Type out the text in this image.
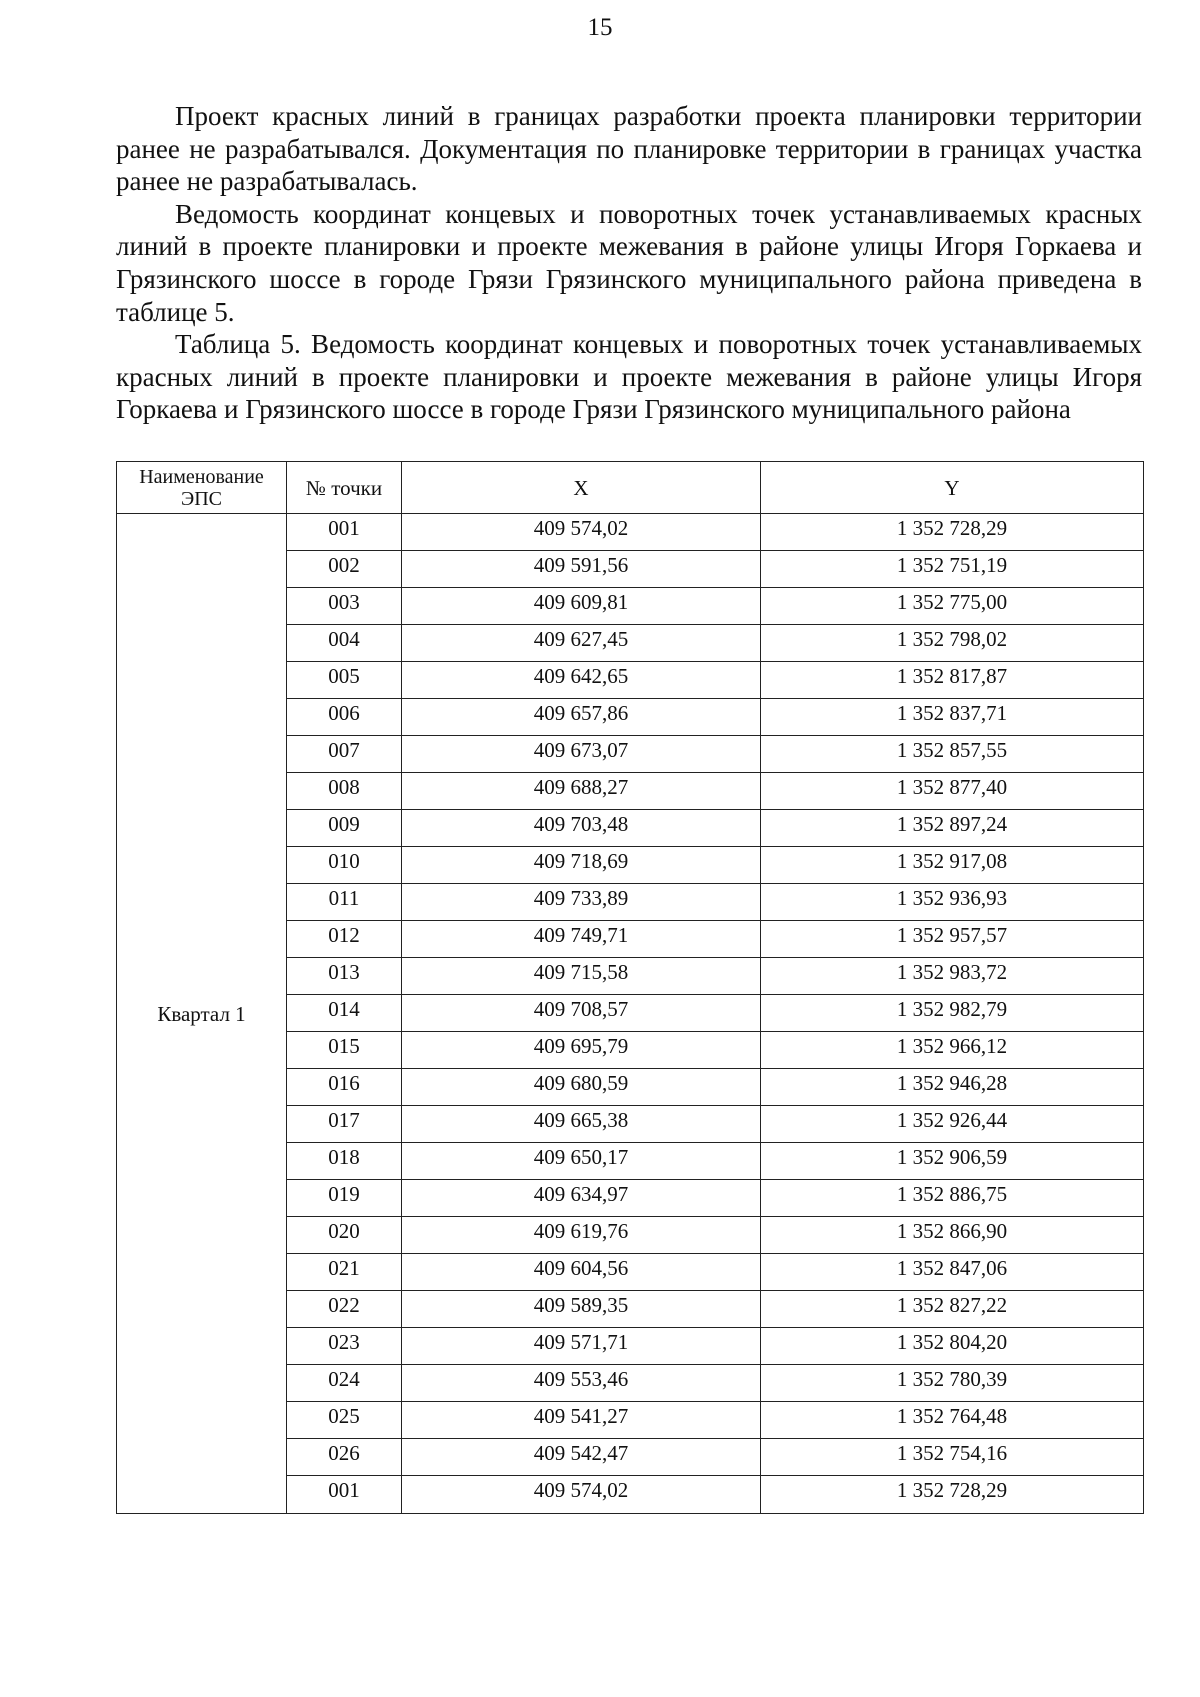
15

Проект красных линий в границах разработки проекта планировки территории ранее не разрабатывался. Документация по планировке территории в границах участка ранее не разрабатывалась.

Ведомость координат концевых и поворотных точек устанавливаемых красных линий в проекте планировки и проекте межевания в районе улицы Игоря Горкаева и Грязинского шоссе в городе Грязи Грязинского муниципального района приведена в таблице 5.

Таблица 5. Ведомость координат концевых и поворотных точек устанавливаемых красных линий в проекте планировки и проекте межевания в районе улицы Игоря Горкаева и Грязинского шоссе в городе Грязи Грязинского муниципального района

Наименование ЭПС	№ точки	X	Y
Квартал 1	001	409 574,02	1 352 728,29
	002	409 591,56	1 352 751,19
	003	409 609,81	1 352 775,00
	004	409 627,45	1 352 798,02
	005	409 642,65	1 352 817,87
	006	409 657,86	1 352 837,71
	007	409 673,07	1 352 857,55
	008	409 688,27	1 352 877,40
	009	409 703,48	1 352 897,24
	010	409 718,69	1 352 917,08
	011	409 733,89	1 352 936,93
	012	409 749,71	1 352 957,57
	013	409 715,58	1 352 983,72
	014	409 708,57	1 352 982,79
	015	409 695,79	1 352 966,12
	016	409 680,59	1 352 946,28
	017	409 665,38	1 352 926,44
	018	409 650,17	1 352 906,59
	019	409 634,97	1 352 886,75
	020	409 619,76	1 352 866,90
	021	409 604,56	1 352 847,06
	022	409 589,35	1 352 827,22
	023	409 571,71	1 352 804,20
	024	409 553,46	1 352 780,39
	025	409 541,27	1 352 764,48
	026	409 542,47	1 352 754,16
	001	409 574,02	1 352 728,29
